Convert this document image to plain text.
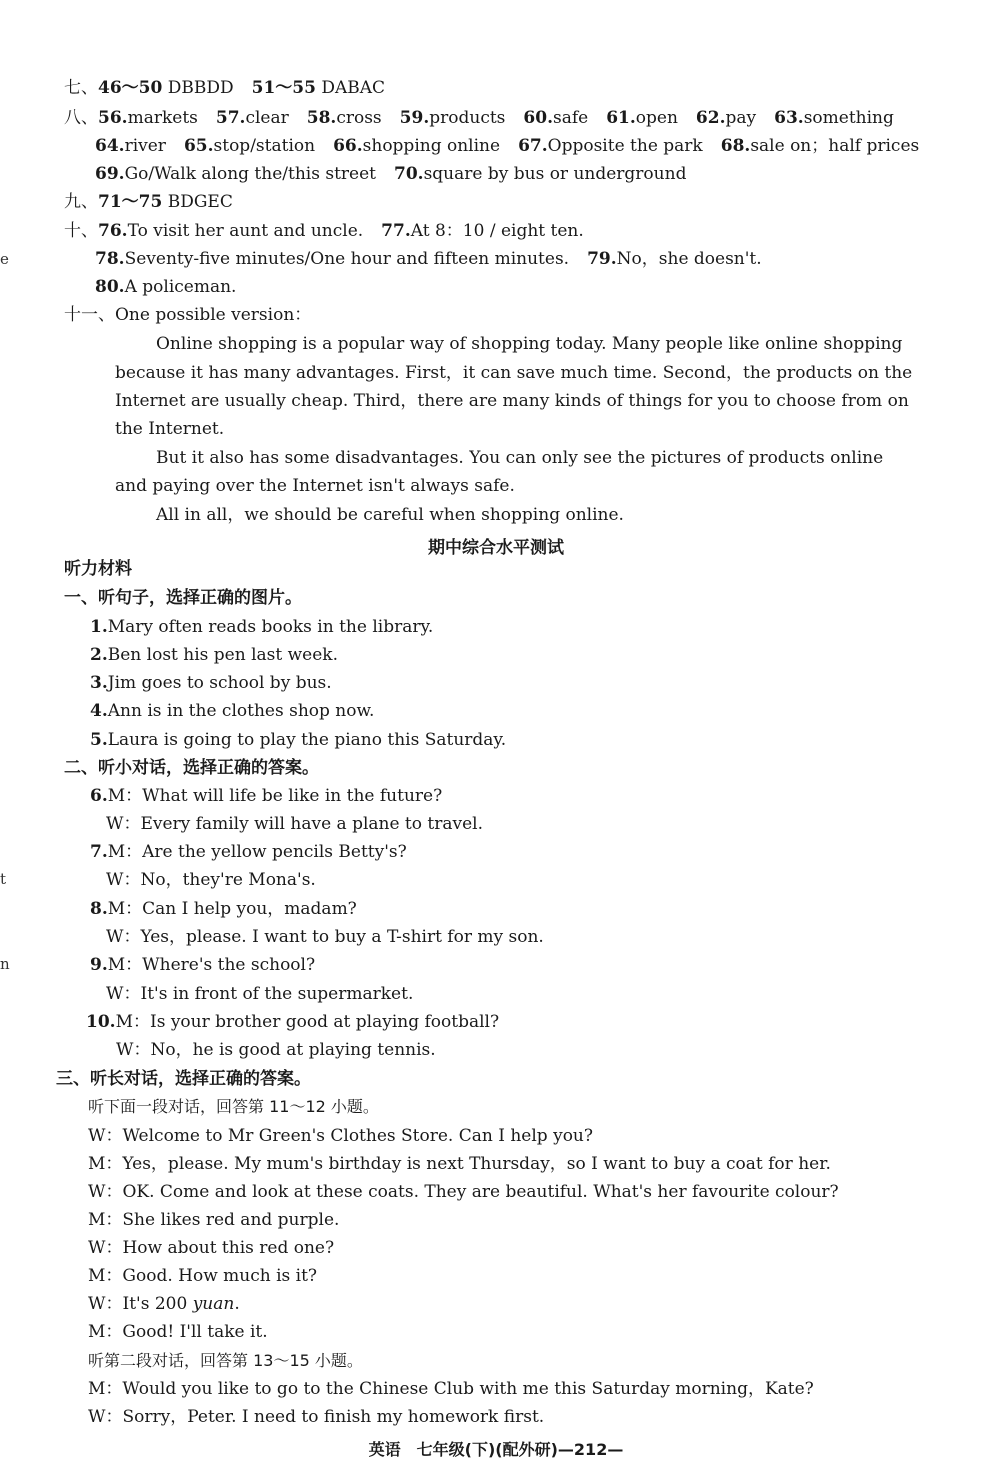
e
t
n
七、46～50 DBBDD 51～55 DABAC
八、56.markets 57.clear 58.cross 59.products 60.safe 61.open 62.pay 63.something
64.river 65.stop/station 66.shopping online 67.Opposite the park 68.sale on；half prices
69.Go/Walk along the/this street 70.square by bus or underground
九、71～75 BDGEC
十、76.To visit her aunt and uncle. 77.At 8：10 / eight ten.
78.Seventy-five minutes/One hour and fifteen minutes. 79.No，she doesn't.
80.A policeman.
十一、One possible version：
Online shopping is a popular way of shopping today. Many people like online shopping
because it has many advantages. First，it can save much time. Second，the products on the
Internet are usually cheap. Third，there are many kinds of things for you to choose from on
the Internet.
But it also has some disadvantages. You can only see the pictures of products online
and paying over the Internet isn't always safe.
All in all，we should be careful when shopping online.
期中综合水平测试
听力材料
一、听句子，选择正确的图片。
1.Mary often reads books in the library.
2.Ben lost his pen last week.
3.Jim goes to school by bus.
4.Ann is in the clothes shop now.
5.Laura is going to play the piano this Saturday.
二、听小对话，选择正确的答案。
6.M：What will life be like in the future?
W：Every family will have a plane to travel.
7.M：Are the yellow pencils Betty's?
W：No，they're Mona's.
8.M：Can I help you，madam?
W：Yes，please. I want to buy a T-shirt for my son.
9.M：Where's the school?
W：It's in front of the supermarket.
10.M：Is your brother good at playing football?
W：No，he is good at playing tennis.
三、听长对话，选择正确的答案。
听下面一段对话，回答第 11～12 小题。
W：Welcome to Mr Green's Clothes Store. Can I help you?
M：Yes，please. My mum's birthday is next Thursday，so I want to buy a coat for her.
W：OK. Come and look at these coats. They are beautiful. What's her favourite colour?
M：She likes red and purple.
W：How about this red one?
M：Good. How much is it?
W：It's 200 yuan.
M：Good! I'll take it.
听第二段对话，回答第 13～15 小题。
M：Would you like to go to the Chinese Club with me this Saturday morning，Kate?
W：Sorry，Peter. I need to finish my homework first.
英语　七年级(下)(配外研)—212—
